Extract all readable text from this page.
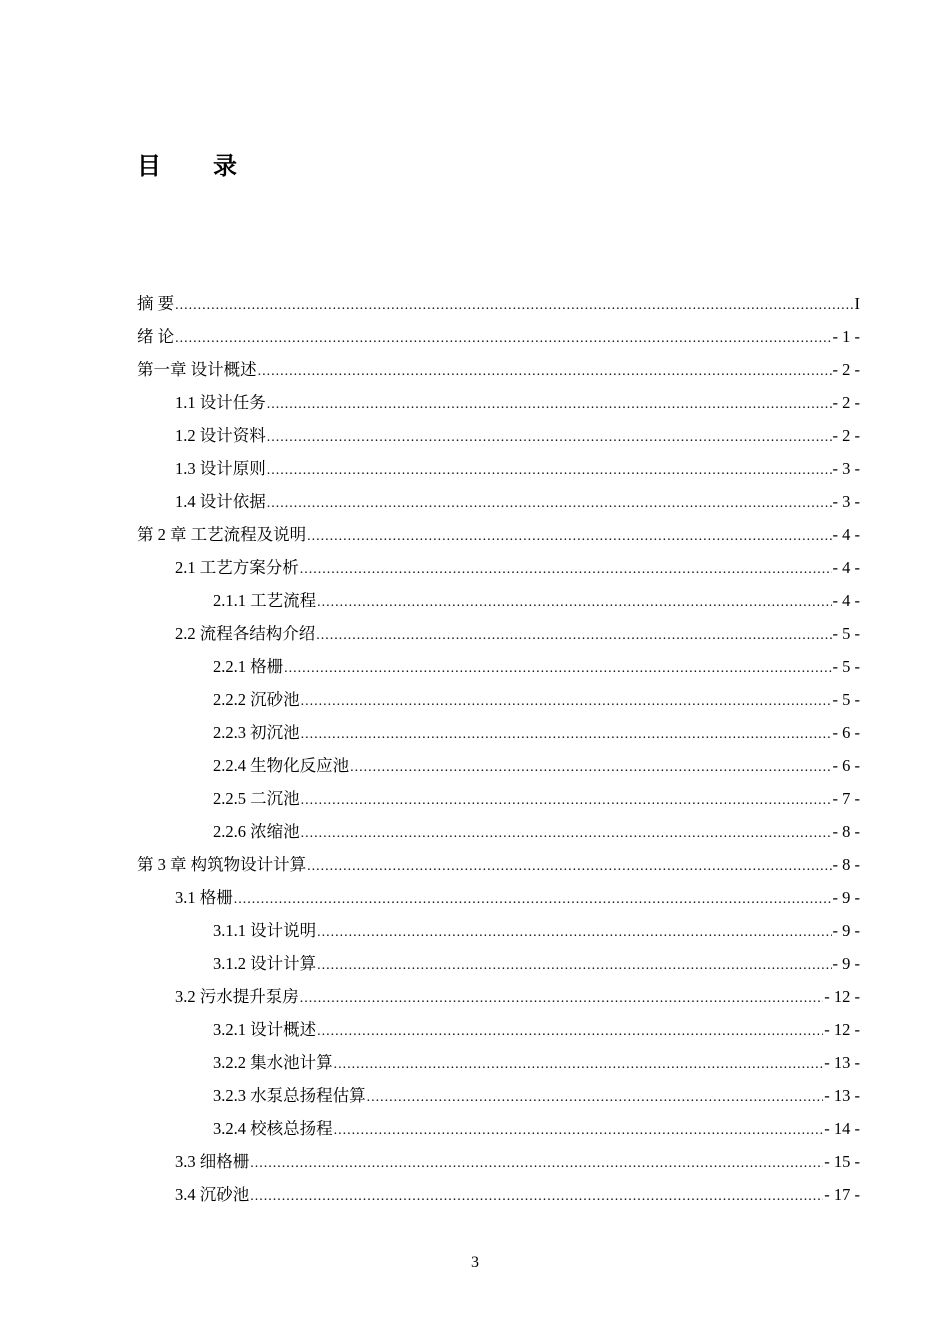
目 录
摘 要 .....	I
绪 论 .....	- 1 -
第一章 设计概述 .....	- 2 -
1.1 设计任务 .....	- 2 -
1.2 设计资料 .....	- 2 -
1.3 设计原则 .....	- 3 -
1.4 设计依据 .....	- 3 -
第 2 章 工艺流程及说明 .....	- 4 -
2.1 工艺方案分析 .....	- 4 -
2.1.1 工艺流程 .....	- 4 -
2.2 流程各结构介绍 .....	- 5 -
2.2.1 格栅 .....	- 5 -
2.2.2 沉砂池 .....	- 5 -
2.2.3 初沉池 .....	- 6 -
2.2.4 生物化反应池 .....	- 6 -
2.2.5 二沉池 .....	- 7 -
2.2.6 浓缩池 .....	- 8 -
第 3 章 构筑物设计计算 .....	- 8 -
3.1 格栅 .....	- 9 -
3.1.1 设计说明 .....	- 9 -
3.1.2 设计计算 .....	- 9 -
3.2 污水提升泵房 .....	- 12 -
3.2.1 设计概述 .....	- 12 -
3.2.2 集水池计算 .....	- 13 -
3.2.3 水泵总扬程估算 .....	- 13 -
3.2.4 校核总扬程 .....	- 14 -
3.3 细格栅 .....	- 15 -
3.4 沉砂池 .....	- 17 -
3
